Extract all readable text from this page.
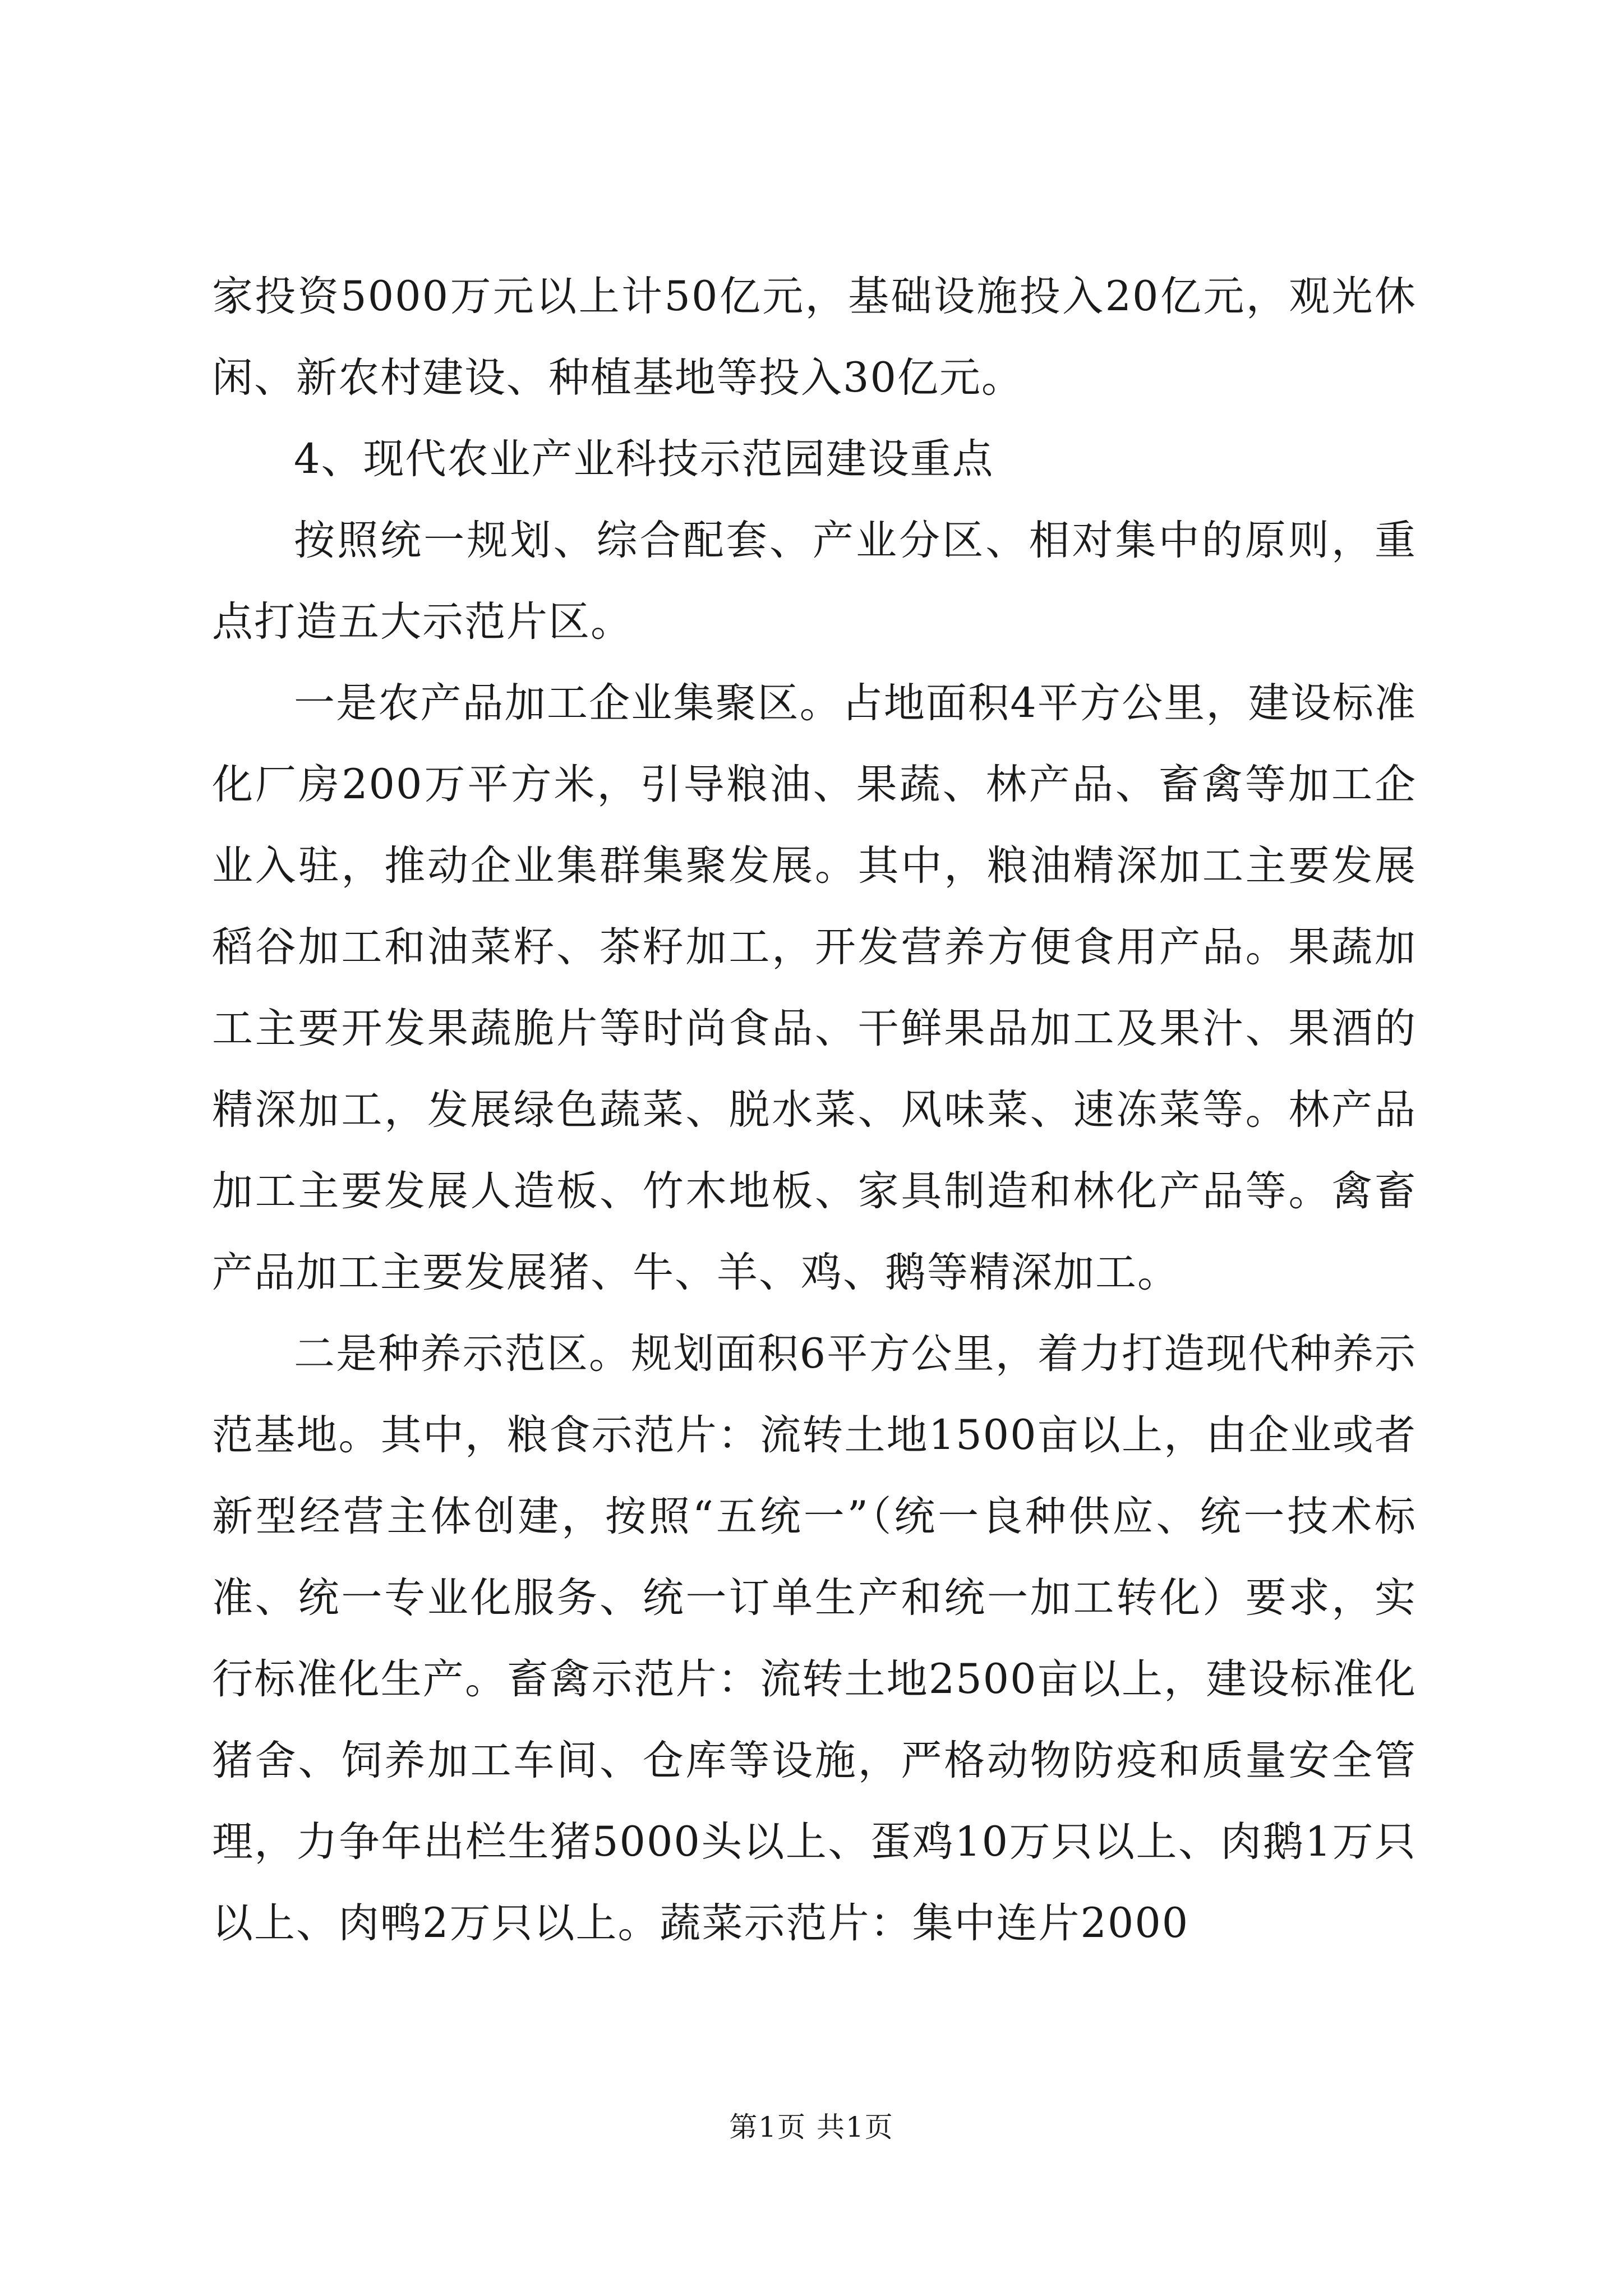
家投资5000万元以上计50亿元，基础设施投入20亿元，观光休闲、新农村建设、种植基地等投入30亿元。

4、现代农业产业科技示范园建设重点

按照统一规划、综合配套、产业分区、相对集中的原则，重点打造五大示范片区。

一是农产品加工企业集聚区。占地面积4平方公里，建设标准化厂房200万平方米，引导粮油、果蔬、林产品、畜禽等加工企业入驻，推动企业集群集聚发展。其中，粮油精深加工主要发展稻谷加工和油菜籽、茶籽加工，开发营养方便食用产品。果蔬加工主要开发果蔬脆片等时尚食品、干鲜果品加工及果汁、果酒的精深加工，发展绿色蔬菜、脱水菜、风味菜、速冻菜等。林产品加工主要发展人造板、竹木地板、家具制造和林化产品等。禽畜产品加工主要发展猪、牛、羊、鸡、鹅等精深加工。

二是种养示范区。规划面积6平方公里，着力打造现代种养示范基地。其中，粮食示范片：流转土地1500亩以上，由企业或者新型经营主体创建，按照“五统一”（统一良种供应、统一技术标准、统一专业化服务、统一订单生产和统一加工转化）要求，实行标准化生产。畜禽示范片：流转土地2500亩以上，建设标准化猪舍、饲养加工车间、仓库等设施，严格动物防疫和质量安全管理，力争年出栏生猪5000头以上、蛋鸡10万只以上、肉鹅1万只以上、肉鸭2万只以上。蔬菜示范片：集中连片2000

第1页 共1页
